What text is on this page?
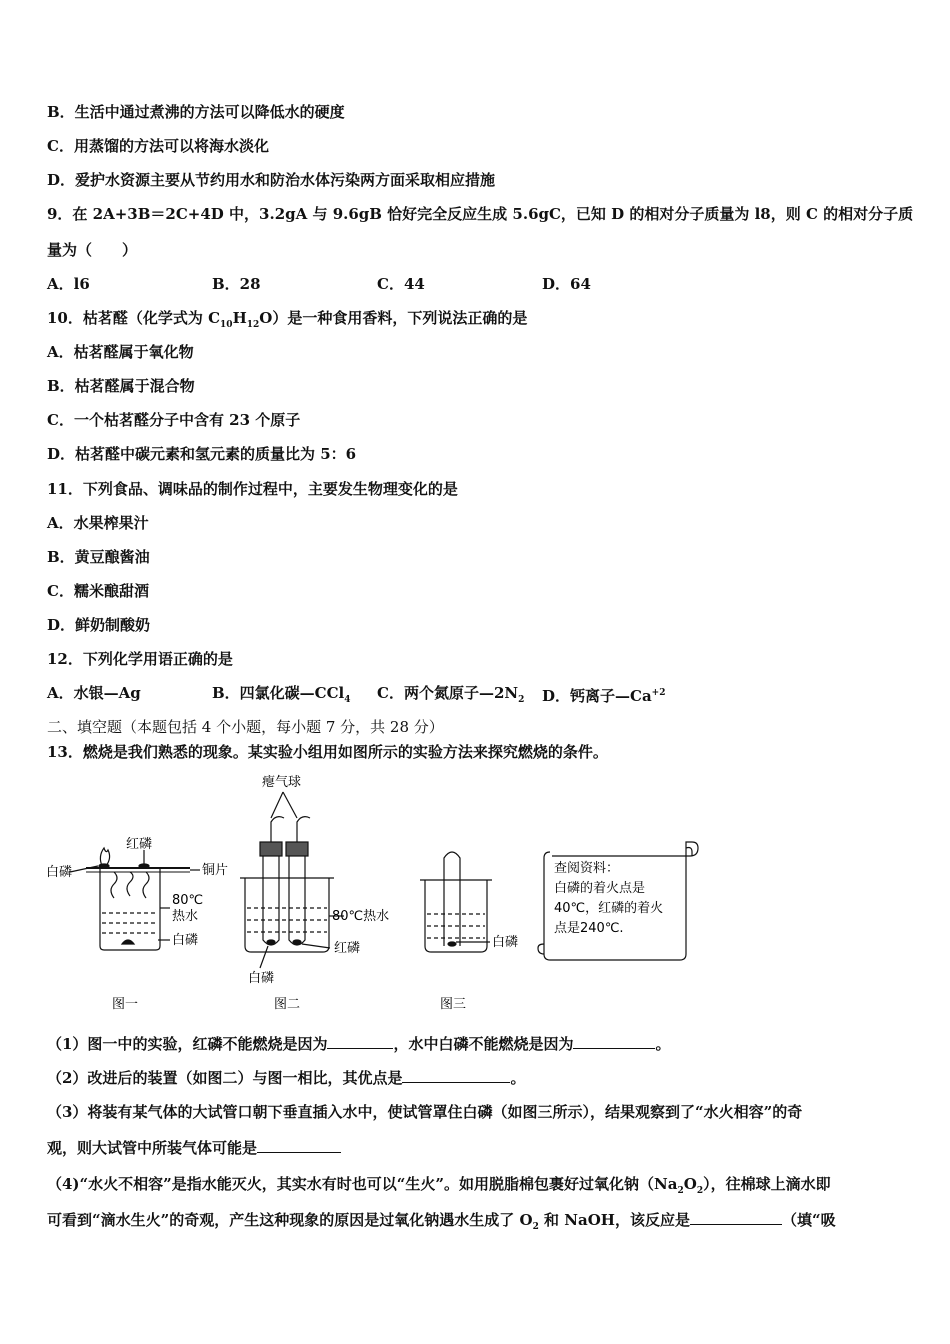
B．生活中通过煮沸的方法可以降低水的硬度
C．用蒸馏的方法可以将海水淡化
D．爱护水资源主要从节约用水和防治水体污染两方面采取相应措施
9．在 2A+3B＝2C+4D 中，3.2gA 与 9.6gB 恰好完全反应生成 5.6gC，已知 D 的相对分子质量为 l8，则 C 的相对分子质
量为（　　）
A．l6	B．28	C．44	D．64
10．枯茗醛（化学式为 $C_{10}H_{12}O$）是一种食用香料，下列说法正确的是
A．枯茗醛属于氧化物
B．枯茗醛属于混合物
C．一个枯茗醛分子中含有 23 个原子
D．枯茗醛中碳元素和氢元素的质量比为 5：6
11．下列食品、调味品的制作过程中，主要发生物理变化的是
A．水果榨果汁
B．黄豆酿酱油
C．糯米酿甜酒
D．鲜奶制酸奶
12．下列化学用语正确的是
A．水银—Ag	B．四氯化碳—CCl$_4$ C．两个氮原子$—2N_2$ D．钙离子$—Ca^{+2}$
二、填空题（本题包括 4 个小题，每小题 7 分，共 28 分）
13．燃烧是我们熟悉的现象。某实验小组用如图所示的实验方法来探究燃烧的条件。
白磷
红磷
铜片
80℃
热水
白磷
瘪气球
80℃热水
红磷
白磷
白磷
查阅资料：
白磷的着火点是
40℃，红磷的着火
点是240℃.
图一	图二	图三
（1）图一中的实验，红磷不能燃烧是因为	，水中白磷不能燃烧是因为	。
（2）改进后的装置（如图二）与图一相比，其优点是	。
（3）将装有某气体的大试管口朝下垂直插入水中，使试管罩住白磷（如图三所示），结果观察到了“水火相容”的奇
观，则大试管中所装气体可能是
（4)“水火不相容”是指水能灭火，其实水有时也可以“生火”。如用脱脂棉包裹好过氧化钠$(Na_2O_2)$，往棉球上滴水即
可看到“滴水生火”的奇观，产生这种现象的原因是过氧化钠遇水生成了 $O_2$ 和 NaOH，该反应是	（填“吸
